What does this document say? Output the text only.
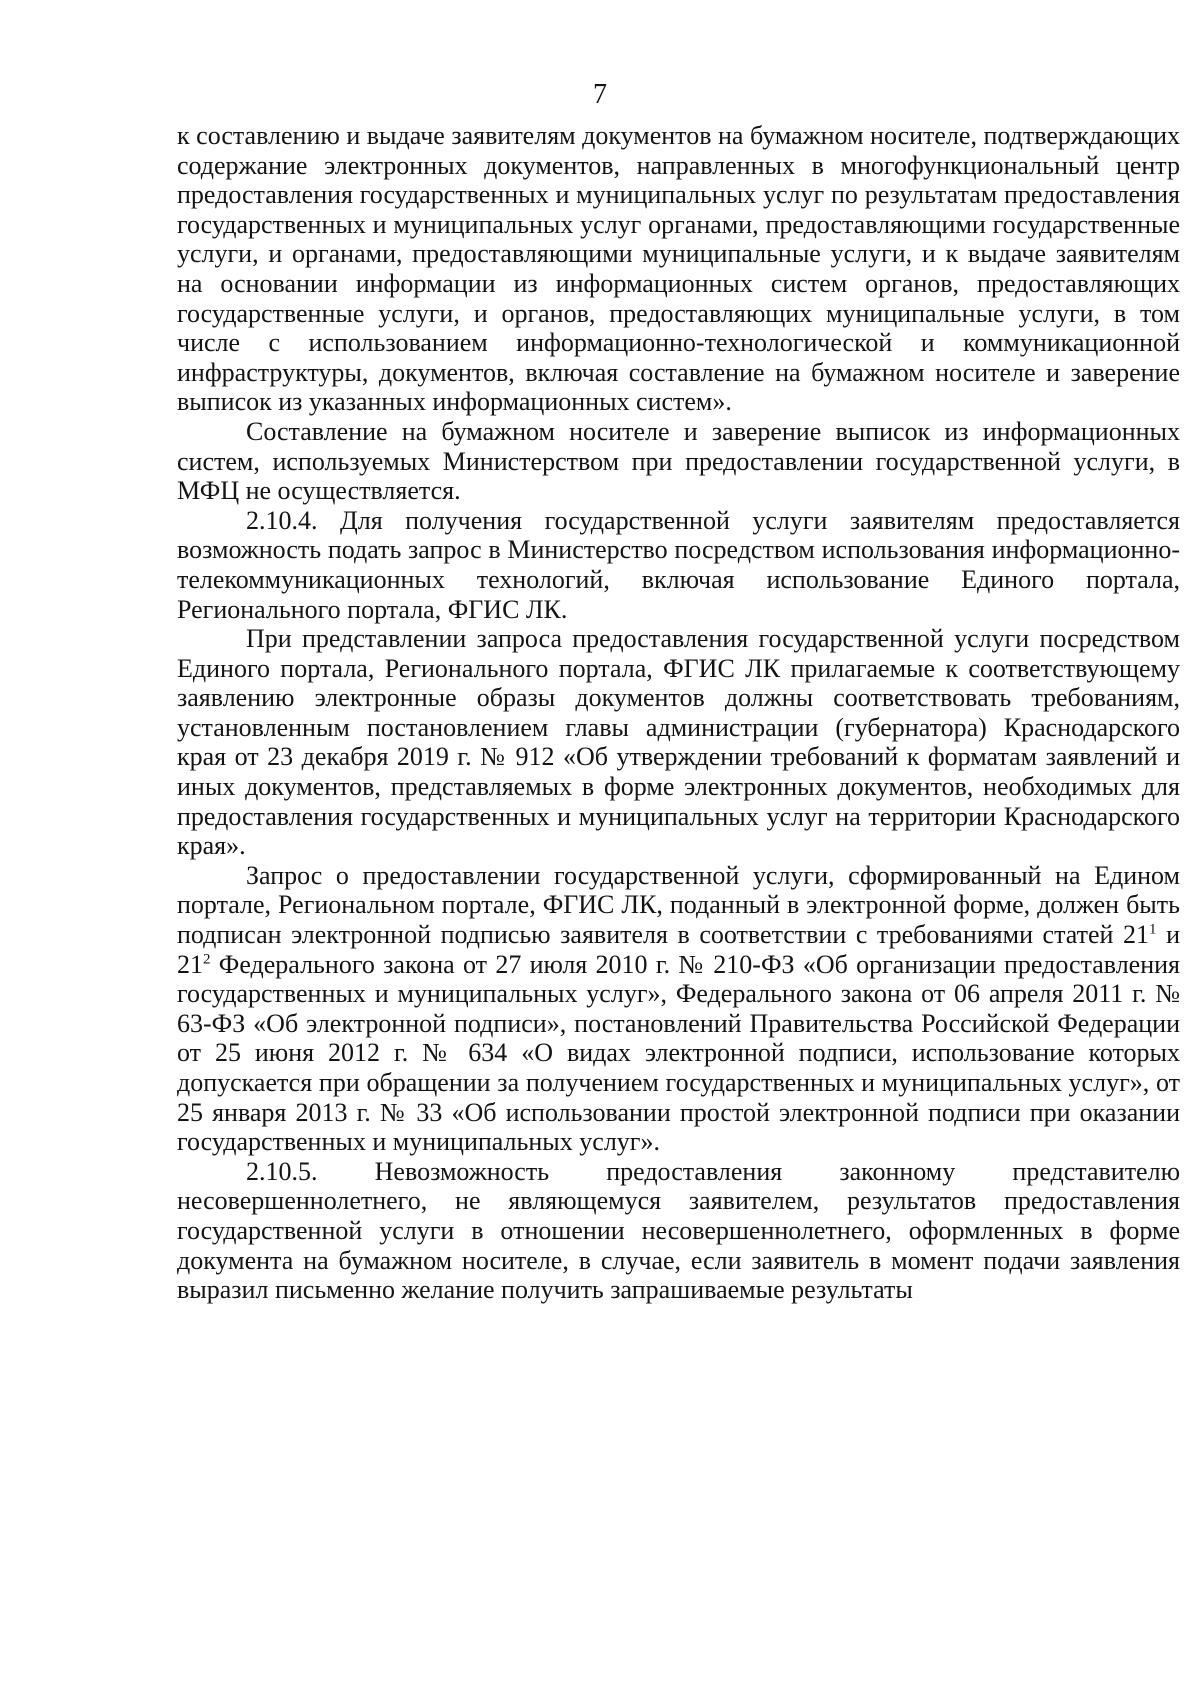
7

к составлению и выдаче заявителям документов на бумажном носителе, подтверждающих содержание электронных документов, направленных в многофункциональный центр предоставления государственных и муниципальных услуг по результатам предоставления государственных и муниципальных услуг органами, предоставляющими государственные услуги, и органами, предоставляющими муниципальные услуги, и к выдаче заявителям на основании информации из информационных систем органов, предоставляющих государственные услуги, и органов, предоставляющих муниципальные услуги, в том числе с использованием информационно-технологической и коммуникационной инфраструктуры, документов, включая составление на бумажном носителе и заверение выписок из указанных информационных систем».

Составление на бумажном носителе и заверение выписок из информационных систем, используемых Министерством при предоставлении государственной услуги, в МФЦ не осуществляется.

2.10.4. Для получения государственной услуги заявителям предоставляется возможность подать запрос в Министерство посредством использования информационно-телекоммуникационных технологий, включая использование Единого портала, Регионального портала, ФГИС ЛК.

При представлении запроса предоставления государственной услуги посредством Единого портала, Регионального портала, ФГИС ЛК прилагаемые к соответствующему заявлению электронные образы документов должны соответствовать требованиям, установленным постановлением главы администрации (губернатора) Краснодарского края от 23 декабря 2019 г. № 912 «Об утверждении требований к форматам заявлений и иных документов, представляемых в форме электронных документов, необходимых для предоставления государственных и муниципальных услуг на территории Краснодарского края».

Запрос о предоставлении государственной услуги, сформированный на Едином портале, Региональном портале, ФГИС ЛК, поданный в электронной форме, должен быть подписан электронной подписью заявителя в соответствии с требованиями статей $21^1$ и $21^2$ Федерального закона от 27 июля 2010 г. № 210-ФЗ «Об организации предоставления государственных и муниципальных услуг», Федерального закона от 06 апреля 2011 г. № 63-ФЗ «Об электронной подписи», постановлений Правительства Российской Федерации от 25 июня 2012 г. № 634 «О видах электронной подписи, использование которых допускается при обращении за получением государственных и муниципальных услуг», от 25 января 2013 г. № 33 «Об использовании простой электронной подписи при оказании государственных и муниципальных услуг».

2.10.5. Невозможность предоставления законному представителю несовершеннолетнего, не являющемуся заявителем, результатов предоставления государственной услуги в отношении несовершеннолетнего, оформленных в форме документа на бумажном носителе, в случае, если заявитель в момент подачи заявления выразил письменно желание получить запрашиваемые результаты
